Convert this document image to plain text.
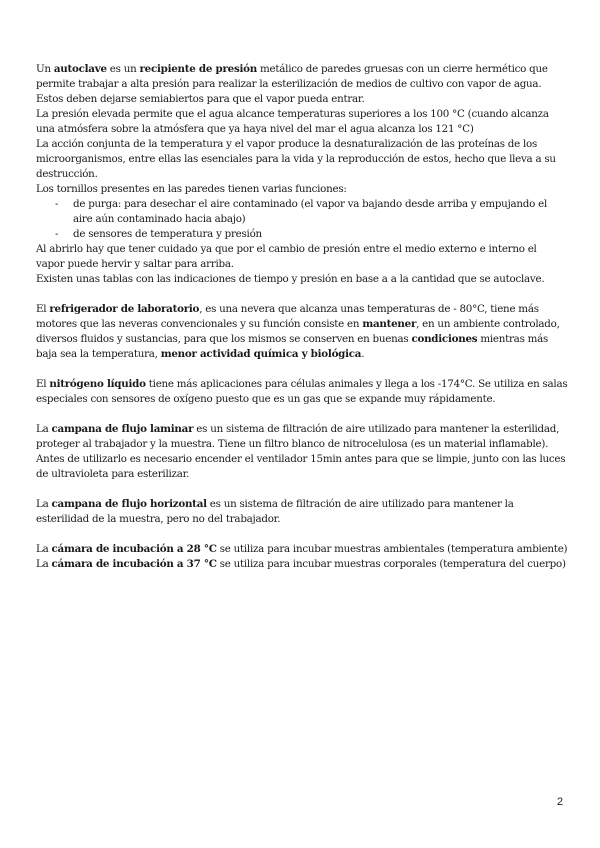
Un autoclave es un recipiente de presión metálico de paredes gruesas con un cierre hermético que permite trabajar a alta presión para realizar la esterilización de medios de cultivo con vapor de agua. Estos deben dejarse semiabiertos para que el vapor pueda entrar.

La presión elevada permite que el agua alcance temperaturas superiores a los 100 °C (cuando alcanza una atmósfera sobre la atmósfera que ya haya nivel del mar el agua alcanza los 121 °C)

La acción conjunta de la temperatura y el vapor produce la desnaturalización de las proteínas de los microorganismos, entre ellas las esenciales para la vida y la reproducción de estos, hecho que lleva a su destrucción.

Los tornillos presentes en las paredes tienen varias funciones:

- de purga: para desechar el aire contaminado (el vapor va bajando desde arriba y empujando el aire aún contaminado hacia abajo)
- de sensores de temperatura y presión

Al abrirlo hay que tener cuidado ya que por el cambio de presión entre el medio externo e interno el vapor puede hervir y saltar para arriba.

Existen unas tablas con las indicaciones de tiempo y presión en base a a la cantidad que se autoclave.

El refrigerador de laboratorio, es una nevera que alcanza unas temperaturas de - 80°C, tiene más motores que las neveras convencionales y su función consiste en mantener, en un ambiente controlado, diversos fluidos y sustancias, para que los mismos se conserven en buenas condiciones mientras más baja sea la temperatura, menor actividad química y biológica.

El nitrógeno líquido tiene más aplicaciones para células animales y llega a los -174°C. Se utiliza en salas especiales con sensores de oxígeno puesto que es un gas que se expande muy rápidamente.

La campana de flujo laminar es un sistema de filtración de aire utilizado para mantener la esterilidad, proteger al trabajador y la muestra. Tiene un filtro blanco de nitrocelulosa (es un material inflamable). Antes de utilizarlo es necesario encender el ventilador 15min antes para que se limpie, junto con las luces de ultravioleta para esterilizar.

La campana de flujo horizontal es un sistema de filtración de aire utilizado para mantener la esterilidad de la muestra, pero no del trabajador.

La cámara de incubación a 28 °C se utiliza para incubar muestras ambientales (temperatura ambiente)

La cámara de incubación a 37 °C se utiliza para incubar muestras corporales (temperatura del cuerpo)

2
